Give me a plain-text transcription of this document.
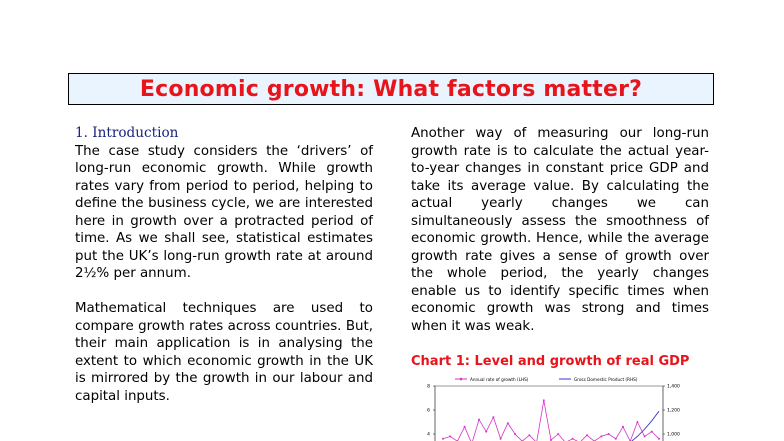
Economic growth: What factors matter?
1. Introduction

The case study considers the ‘drivers’ of long-run economic growth. While growth rates vary from period to period, helping to define the business cycle, we are interested here in growth over a protracted period of time. As we shall see, statistical estimates put the UK’s long-run growth rate at around 2½% per annum.

Mathematical techniques are used to compare growth rates across countries. But, their main application is in analysing the extent to which economic growth in the UK is mirrored by the growth in our labour and capital inputs.

Another way of measuring our long-run growth rate is to calculate the actual year-to-year changes in constant price GDP and take its average value. By calculating the actual yearly changes we can simultaneously assess the smoothness of economic growth. Hence, while the average growth rate gives a sense of growth over the whole period, the yearly changes enable us to identify specific times when economic growth was strong and times when it was weak.

Chart 1: Level and growth of real GDP
Annual rate of growth (LHS)	Gross Domestic Product (RHS)
8
6
4
1,400
1,200
1,000
